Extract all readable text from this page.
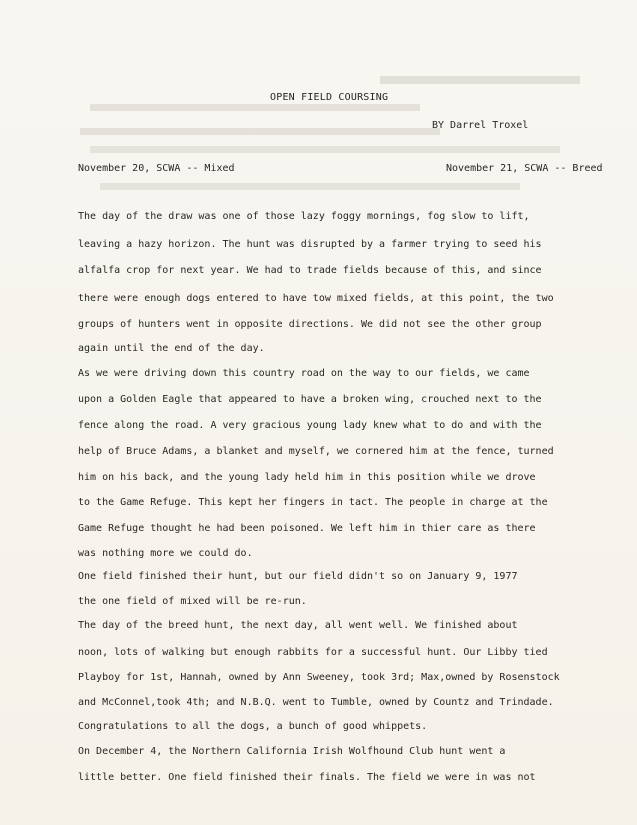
OPEN FIELD COURSING
BY Darrel Troxel
November 20, SCWA -- Mixed	November 21, SCWA -- Breed
The day of the draw was one of those lazy foggy mornings, fog slow to lift,
leaving a hazy horizon. The hunt was disrupted by a farmer trying to seed his
alfalfa crop for next year. We had to trade fields because of this, and since
there were enough dogs entered to have tow mixed fields, at this point, the two
groups of hunters went in opposite directions. We did not see the other group
again until the end of the day.
As we were driving down this country road on the way to our fields, we came
upon a Golden Eagle that appeared to have a broken wing, crouched next to the
fence along the road. A very gracious young lady knew what to do and with the
help of Bruce Adams, a blanket and myself, we cornered him at the fence, turned
him on his back, and the young lady held him in this position while we drove
to the Game Refuge. This kept her fingers in tact. The people in charge at the
Game Refuge thought he had been poisoned. We left him in thier care as there
was nothing more we could do.
One field finished their hunt, but our field didn't so on January 9, 1977
the one field of mixed will be re-run.
The day of the breed hunt, the next day, all went well. We finished about
noon, lots of walking but enough rabbits for a successful hunt. Our Libby tied
Playboy for 1st, Hannah, owned by Ann Sweeney, took 3rd; Max,owned by Rosenstock
and McConnel,took 4th; and N.B.Q. went to Tumble, owned by Countz and Trindade.
Congratulations to all the dogs, a bunch of good whippets.
On December 4, the Northern California Irish Wolfhound Club hunt went a
little better. One field finished their finals. The field we were in was not
